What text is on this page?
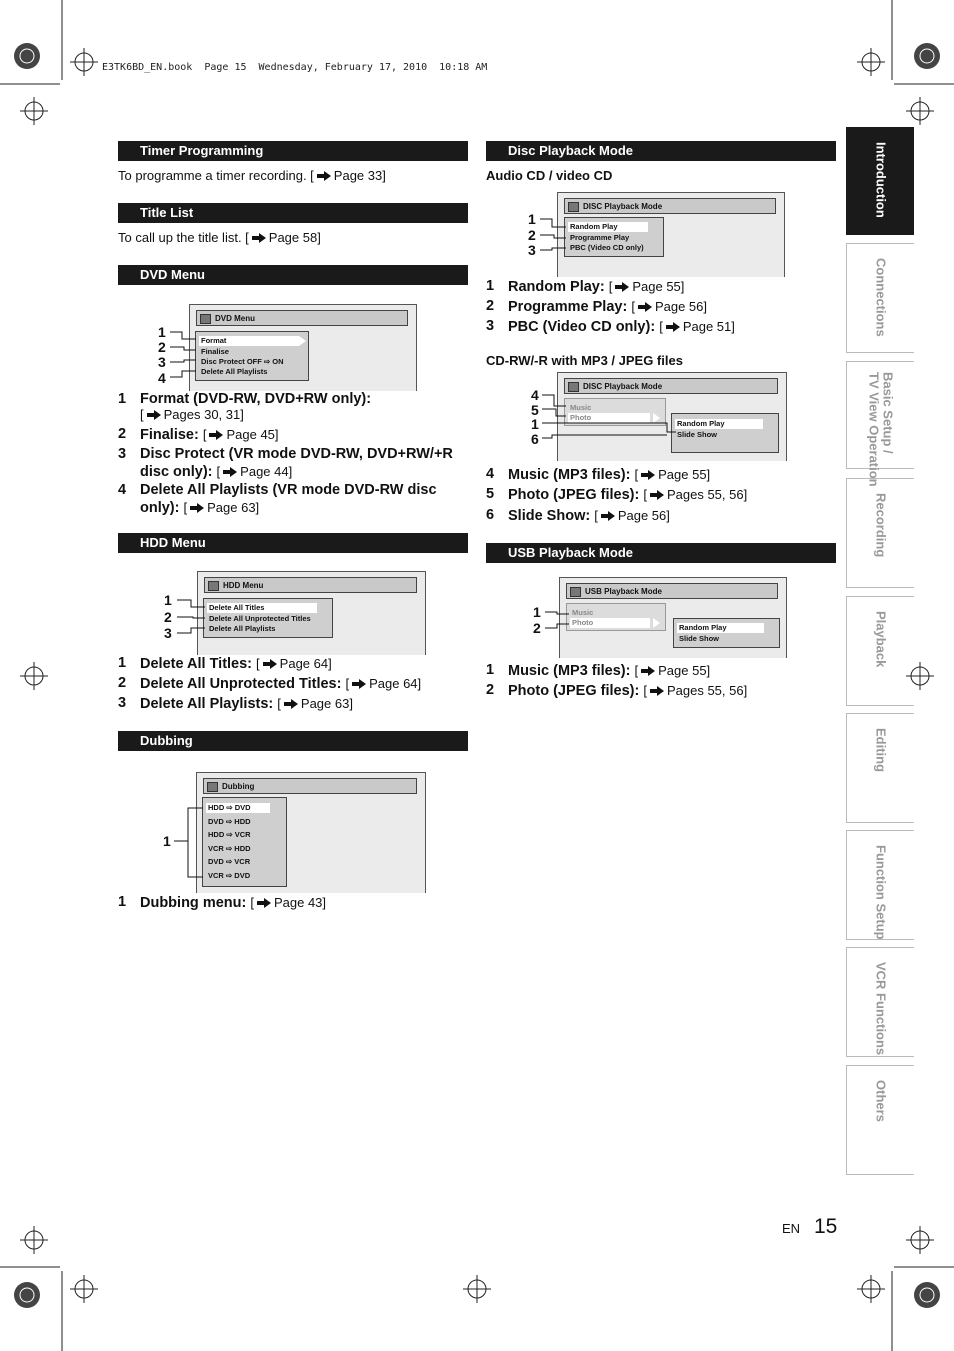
E3TK6BD_EN.book  Page 15  Wednesday, February 17, 2010  10:18 AM
Timer Programming
To programme a timer recording. [ Page 33]
Title List
To call up the title list. [ Page 58]
DVD Menu
DVD Menu
Format
Finalise
Disc Protect OFF ⇨ ON
Delete All Playlists
1
2
3
4
1 Format (DVD-RW, DVD+RW only):
[ Pages 30, 31]
2 Finalise: [ Page 45]
3 Disc Protect (VR mode DVD-RW, DVD+RW/+R disc only): [ Page 44]
4 Delete All Playlists (VR mode DVD-RW disc only): [ Page 63]
HDD Menu
HDD Menu
Delete All Titles
Delete All Unprotected Titles
Delete All Playlists
1
2
3
1 Delete All Titles: [ Page 64]
2 Delete All Unprotected Titles: [ Page 64]
3 Delete All Playlists: [ Page 63]
Dubbing
Dubbing
HDD ⇨ DVD
DVD ⇨ HDD
HDD ⇨ VCR
VCR ⇨ HDD
DVD ⇨ VCR
VCR ⇨ DVD
1
1 Dubbing menu: [ Page 43]
Disc Playback Mode
Audio CD / video CD
DISC Playback Mode
Random Play
Programme Play
PBC (Video CD only)
1
2
3
1 Random Play: [ Page 55]
2 Programme Play: [ Page 56]
3 PBC (Video CD only): [ Page 51]
CD-RW/-R with MP3 / JPEG files
DISC Playback Mode
Music
Photo
Random Play
Slide Show
4
5
1
6
4 Music (MP3 files): [ Page 55]
5 Photo (JPEG files): [ Pages 55, 56]
6 Slide Show: [ Page 56]
USB Playback Mode
USB Playback Mode
Music
Photo
Random Play
Slide Show
1
2
1 Music (MP3 files): [ Page 55]
2 Photo (JPEG files): [ Pages 55, 56]
Introduction
Connections
Basic Setup /
TV View Operation
Recording
Playback
Editing
Function Setup
VCR Functions
Others
EN 15
